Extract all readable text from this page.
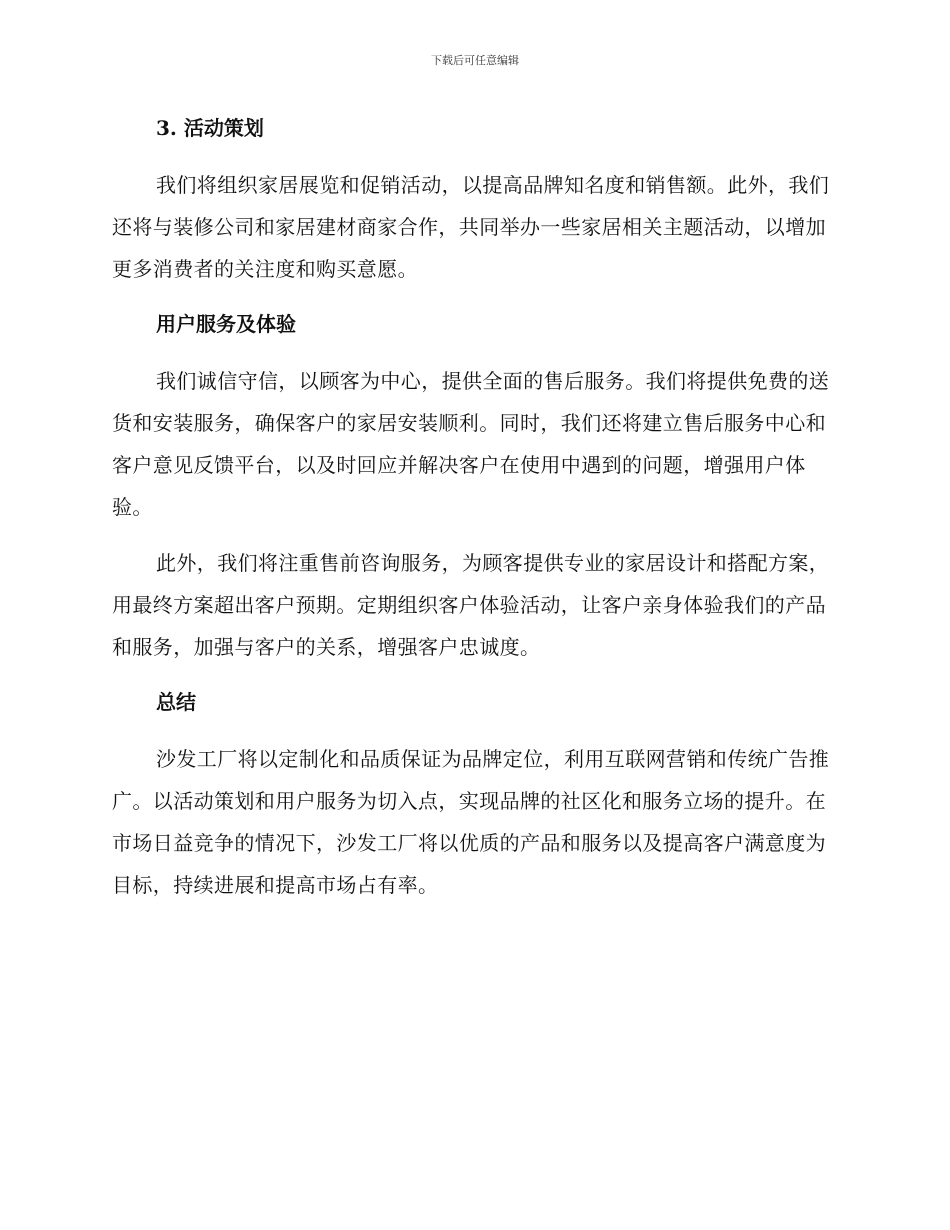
下载后可任意编辑
3. 活动策划

我们将组织家居展览和促销活动，以提高品牌知名度和销售额。此外，我们还将与装修公司和家居建材商家合作，共同举办一些家居相关主题活动，以增加更多消费者的关注度和购买意愿。

用户服务及体验

我们诚信守信，以顾客为中心，提供全面的售后服务。我们将提供免费的送货和安装服务，确保客户的家居安装顺利。同时，我们还将建立售后服务中心和客户意见反馈平台，以及时回应并解决客户在使用中遇到的问题，增强用户体验。

此外，我们将注重售前咨询服务，为顾客提供专业的家居设计和搭配方案，用最终方案超出客户预期。定期组织客户体验活动，让客户亲身体验我们的产品和服务，加强与客户的关系，增强客户忠诚度。

总结

沙发工厂将以定制化和品质保证为品牌定位，利用互联网营销和传统广告推广。以活动策划和用户服务为切入点，实现品牌的社区化和服务立场的提升。在市场日益竞争的情况下，沙发工厂将以优质的产品和服务以及提高客户满意度为目标，持续进展和提高市场占有率。
